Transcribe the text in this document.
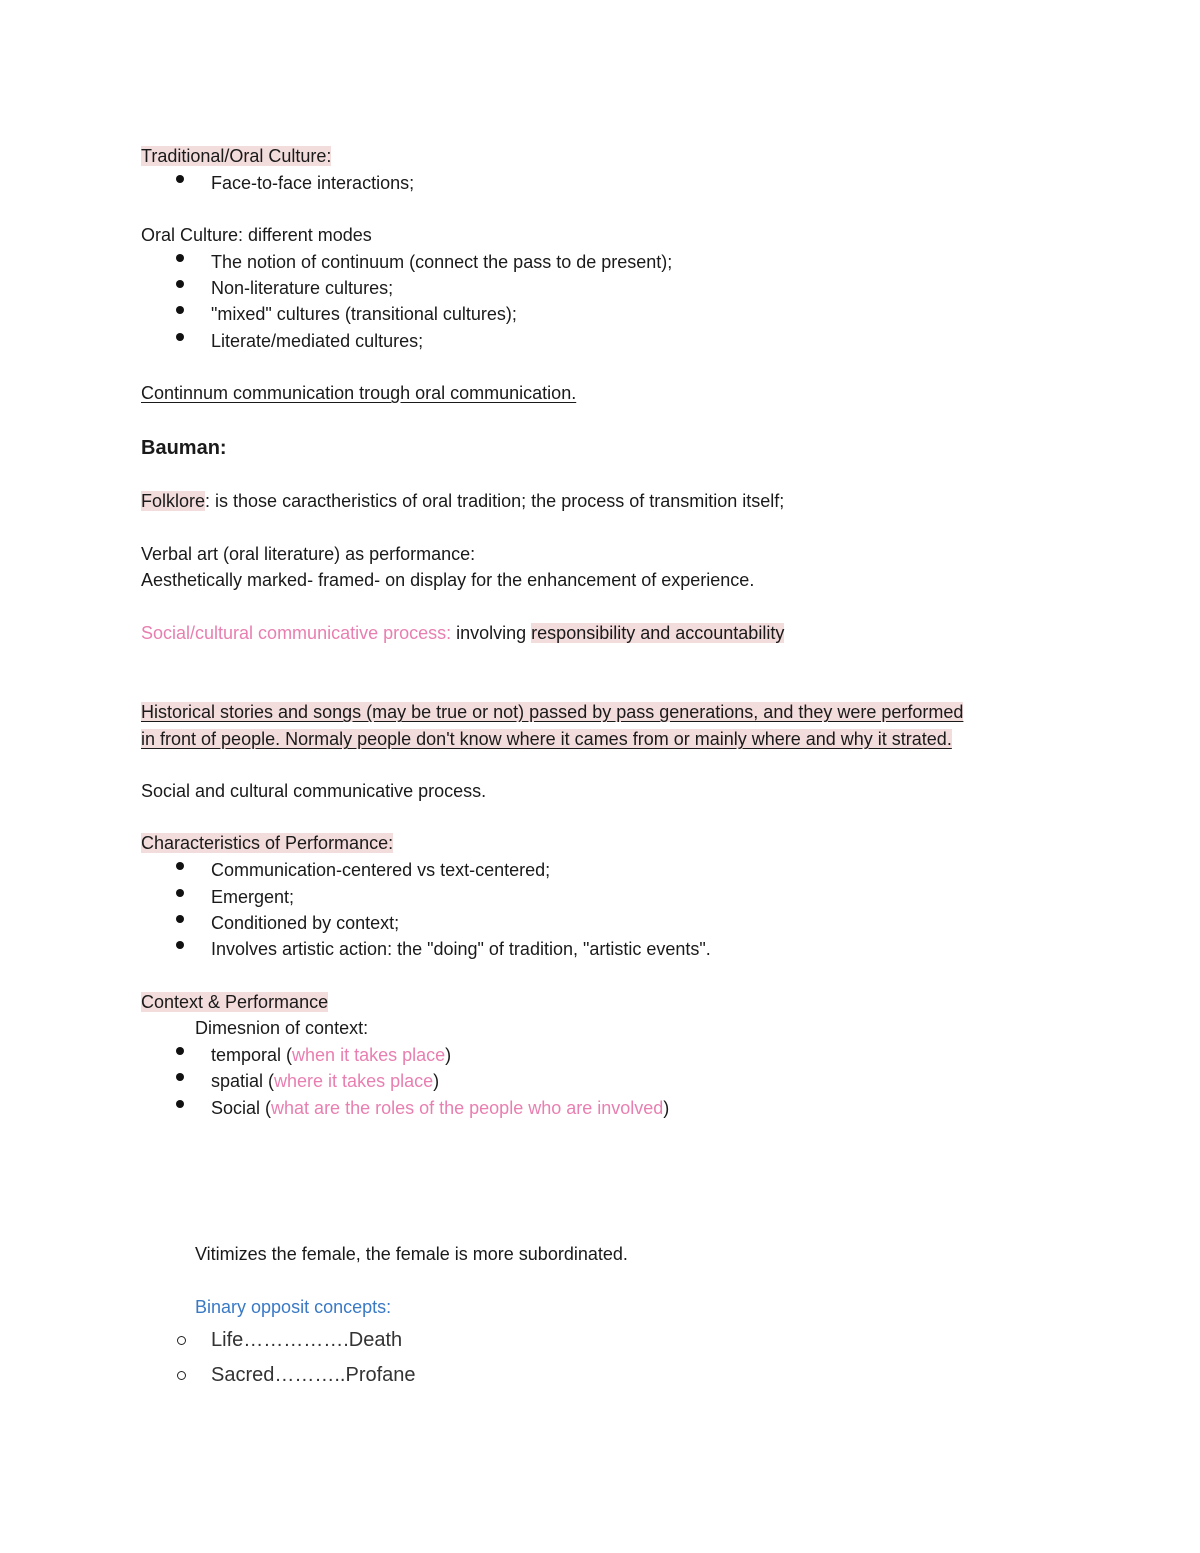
Traditional/Oral Culture:
Face-to-face interactions;
Oral Culture: different modes
The notion of continuum (connect the pass to de present);
Non-literature cultures;
"mixed" cultures (transitional cultures);
Literate/mediated cultures;
Continnum communication trough oral communication.
Bauman:
Folklore: is those caractheristics of oral tradition; the process of transmition itself;
Verbal art (oral literature) as performance:
Aesthetically marked- framed- on display for the enhancement of experience.
Social/cultural communicative process: involving responsibility and accountability
Historical stories and songs (may be true or not) passed by pass generations, and they were performed
in front of people. Normaly people don't know where it cames from or mainly where and why it strated.
Social and cultural communicative process.
Characteristics of Performance:
Communication-centered vs text-centered;
Emergent;
Conditioned by context;
Involves artistic action: the "doing" of tradition, "artistic events".
Context & Performance
Dimesnion of context:
temporal (when it takes place)
spatial (where it takes place)
Social (what are the roles of the people who are involved)
Vitimizes the female, the female is more subordinated.
Binary opposit concepts:
Life…………….Death
Sacred………..Profane
